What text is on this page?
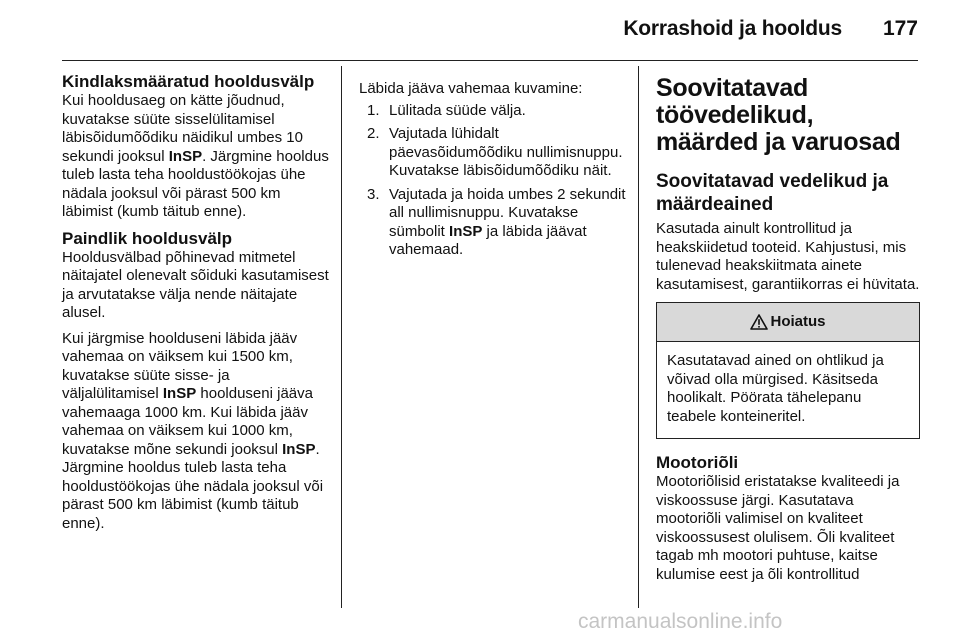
Korrashoid ja hooldus 177
Kindlaksmääratud hooldusvälp

Kui hooldusaeg on kätte jõudnud, kuvatakse süüte sisselülitamisel läbisõidumõõdiku näidikul umbes 10 sekundi jooksul InSP. Järgmine hooldus tuleb lasta teha hooldustöökojas ühe nädala jooksul või pärast 500 km läbimist (kumb täitub enne).

Paindlik hooldusvälp

Hooldusvälbad põhinevad mitmetel näitajatel olenevalt sõiduki kasutamisest ja arvutatakse välja nende näitajate alusel.

Kui järgmise hoolduseni läbida jääv vahemaa on väiksem kui 1500 km, kuvatakse süüte sisse- ja väljalülitamisel InSP hoolduseni jääva vahemaaga 1000 km. Kui läbida jääv vahemaa on väiksem kui 1000 km, kuvatakse mõne sekundi jooksul InSP. Järgmine hooldus tuleb lasta teha hooldustöökojas ühe nädala jooksul või pärast 500 km läbimist (kumb täitub enne).

Läbida jääva vahemaa kuvamine:
1. Lülitada süüde välja.
2. Vajutada lühidalt päevasõidumõõdiku nullimisnuppu. Kuvatakse läbisõidumõõdiku näit.
3. Vajutada ja hoida umbes 2 sekundit all nullimisnuppu. Kuvatakse sümbolit InSP ja läbida jäävat vahemaad.
Soovitatavad töövedelikud, määrded ja varuosad
Soovitatavad vedelikud ja määrdeained

Kasutada ainult kontrollitud ja heakskiidetud tooteid. Kahjustusi, mis tulenevad heakskiitmata ainete kasutamisest, garantiikorras ei hüvitata.

Hoiatus
Kasutatavad ained on ohtlikud ja võivad olla mürgised. Käsitseda hoolikalt. Pöörata tähelepanu teabele konteineritel.
Mootoriõli

Mootoriõlisid eristatakse kvaliteedi ja viskoossuse järgi. Kasutatava mootoriõli valimisel on kvaliteet viskoossusest olulisem. Õli kvaliteet tagab mh mootori puhtuse, kaitse kulumise eest ja õli kontrollitud

carmanualsonline.info
